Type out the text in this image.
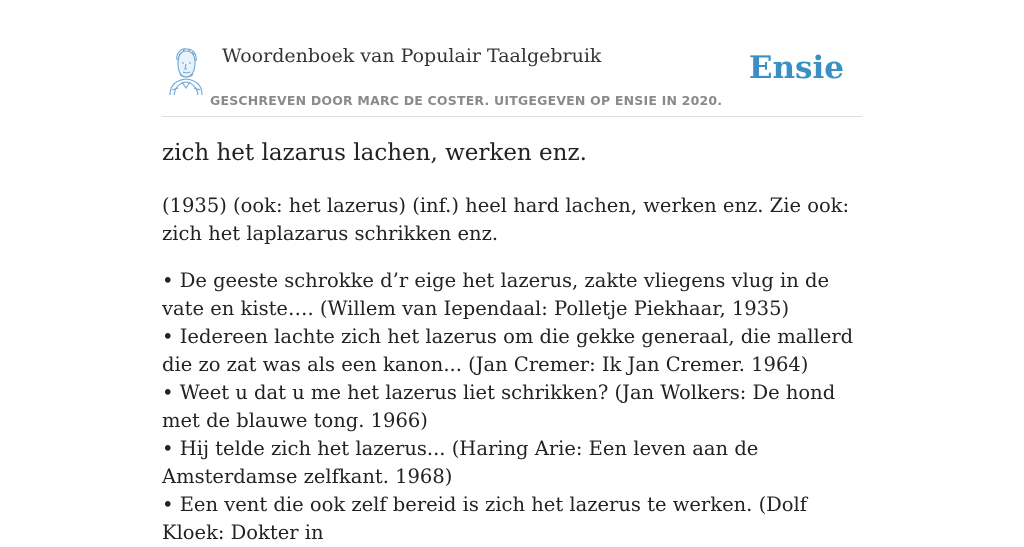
Woordenboek van Populair Taalgebruik
GESCHREVEN DOOR MARC DE COSTER. UITGEGEVEN OP ENSIE IN 2020.
Ensie
zich het lazarus lachen, werken enz.

(1935) (ook: het lazerus) (inf.) heel hard lachen, werken enz. Zie ook: zich het laplazarus schrikken enz.

• De geeste schrokke d’r eige het lazerus, zakte vliegens vlug in de vate en kiste…. (Willem van Iependaal: Polletje Piekhaar, 1935)
• Iedereen lachte zich het lazerus om die gekke generaal, die mallerd die zo zat was als een kanon... (Jan Cremer: Ik Jan Cremer. 1964)
• Weet u dat u me het lazerus liet schrikken? (Jan Wolkers: De hond met de blauwe tong. 1966)
• Hij telde zich het lazerus... (Haring Arie: Een leven aan de Amsterdamse zelfkant. 1968)
• Een vent die ook zelf bereid is zich het lazerus te werken. (Dolf Kloek: Dokter in
